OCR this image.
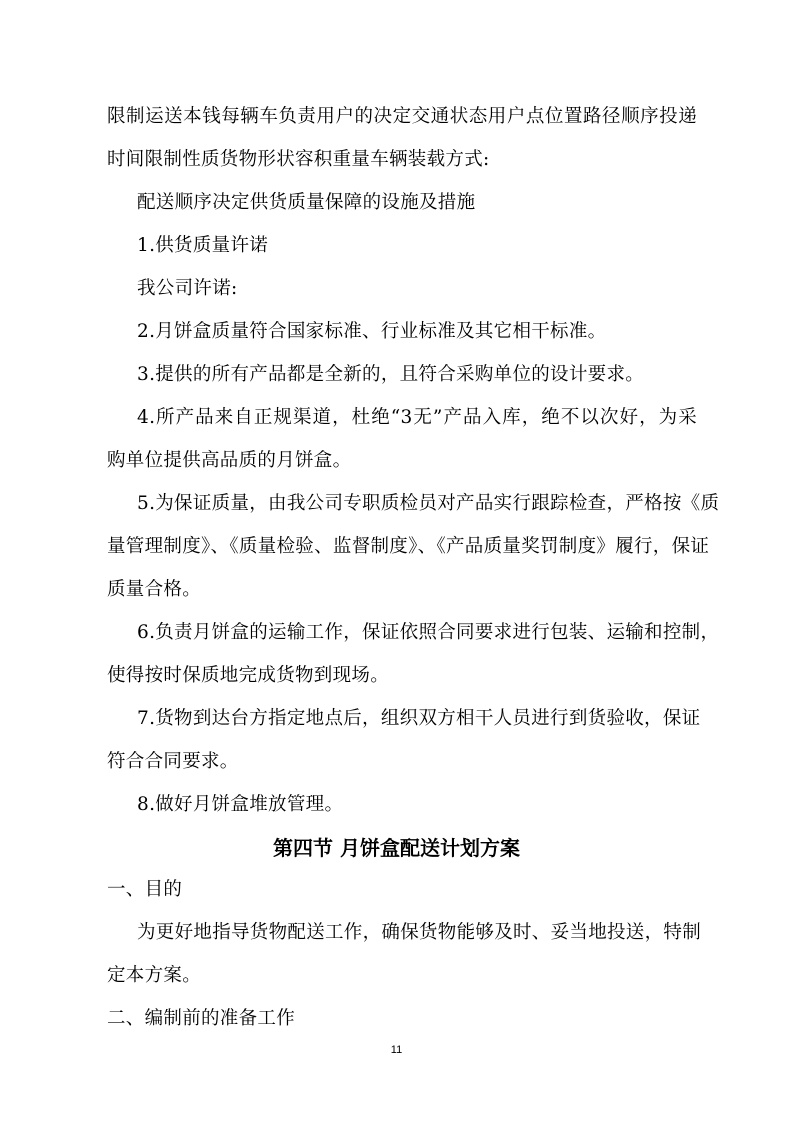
限制运送本钱每辆车负责用户的决定交通状态用户点位置路径顺序投递
时间限制性质货物形状容积重量车辆装载方式:
配送顺序决定供货质量保障的设施及措施
1.供货质量许诺
我公司许诺:
2.月饼盒质量符合国家标准、行业标准及其它相干标准。
3.提供的所有产品都是全新的，且符合采购单位的设计要求。
4.所产品来自正规渠道，杜绝“3无”产品入库，绝不以次好，为采
购单位提供高品质的月饼盒。
5.为保证质量，由我公司专职质检员对产品实行跟踪检查，严格按《质
量管理制度》、《质量检验、监督制度》、《产品质量奖罚制度》履行，保证
质量合格。
6.负责月饼盒的运输工作，保证依照合同要求进行包装、运输和控制，
使得按时保质地完成货物到现场。
7.货物到达台方指定地点后，组织双方相干人员进行到货验收，保证
符合合同要求。
8.做好月饼盒堆放管理。
第四节 月饼盒配送计划方案
一、目的
为更好地指导货物配送工作，确保货物能够及时、妥当地投送，特制
定本方案。
二、编制前的准备工作
11
